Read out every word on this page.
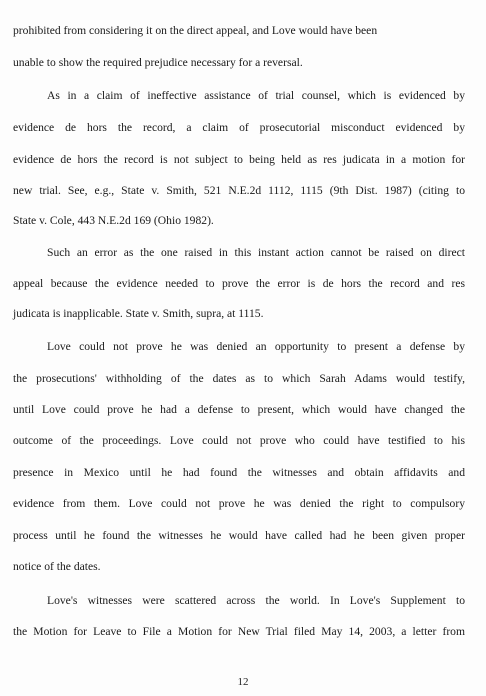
prohibited from considering it on the direct appeal, and Love would have been
unable to show the required prejudice necessary for a reversal.
As in a claim of ineffective assistance of trial counsel, which is evidenced by
evidence de hors the record, a claim of prosecutorial misconduct evidenced by
evidence de hors the record is not subject to being held as res judicata in a motion for
new trial. See, e.g., State v. Smith, 521 N.E.2d 1112, 1115 (9th Dist. 1987) (citing to
State v. Cole, 443 N.E.2d 169 (Ohio 1982).
Such an error as the one raised in this instant action cannot be raised on direct
appeal because the evidence needed to prove the error is de hors the record and res
judicata is inapplicable. State v. Smith, supra, at 1115.
Love could not prove he was denied an opportunity to present a defense by
the prosecutions' withholding of the dates as to which Sarah Adams would testify,
until Love could prove he had a defense to present, which would have changed the
outcome of the proceedings. Love could not prove who could have testified to his
presence in Mexico until he had found the witnesses and obtain affidavits and
evidence from them. Love could not prove he was denied the right to compulsory
process until he found the witnesses he would have called had he been given proper
notice of the dates.
Love's witnesses were scattered across the world. In Love's Supplement to
the Motion for Leave to File a Motion for New Trial filed May 14, 2003, a letter from
12
